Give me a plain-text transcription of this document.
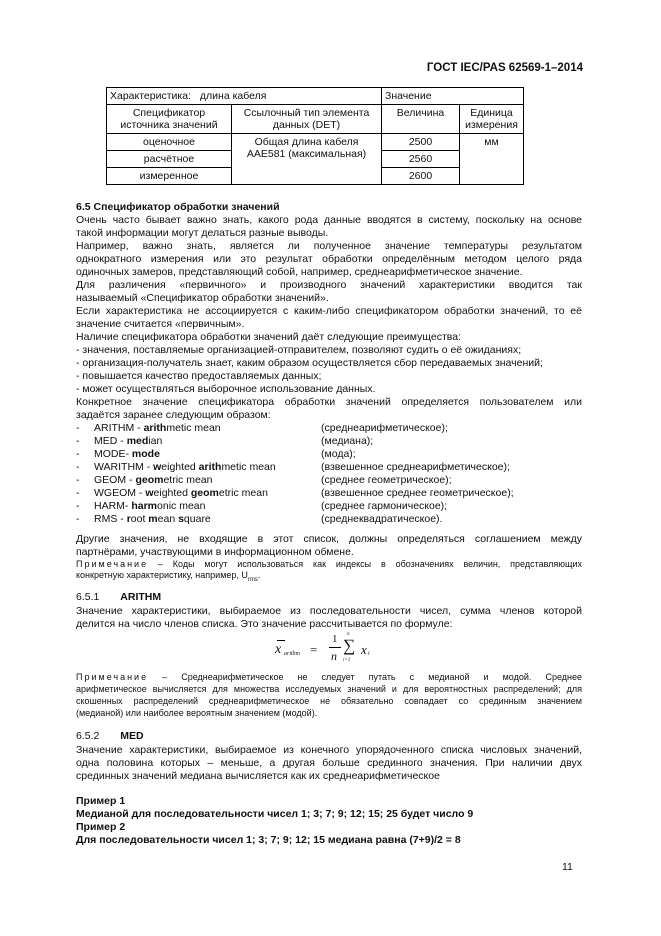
ГОСТ IEC/PAS 62569-1–2014
Характеристика: длина кабеля		Значение	
Спецификатор источника значений	Ссылочный тип элемента данных (DET)	Величина	Единица измерения
оценочное	Общая длина кабеля AAE581 (максимальная)	2500	мм
расчётное		2560	
измеренное		2600	
6.5 Спецификатор обработки значений
Очень часто бывает важно знать, какого рода данные вводятся в систему, поскольку на основе
такой информации могут делаться разные выводы.
Например, важно знать, является ли полученное значение температуры результатом
однократного измерения или это результат обработки определённым методом целого ряда
одиночных замеров, представляющий собой, например, среднеарифметическое значение.
Для различения «первичного» и производного значений характеристики вводится так
называемый «Спецификатор обработки значений».
Если характеристика не ассоциируется с каким-либо спецификатором обработки значений, то её
значение считается «первичным».
Наличие спецификатора обработки значений даёт следующие преимущества:
- значения, поставляемые организацией-отправителем, позволяют судить о её ожиданиях;
- организация-получатель знает, каким образом осуществляется сбор передаваемых значений;
- повышается качество предоставляемых данных;
- может осуществляться выборочное использование данных.
Конкретное значение спецификатора обработки значений определяется пользователем или
задаётся заранее следующим образом:
- ARITHM - arithmetic mean	(среднеарифметическое);
- MED - median	(медиана);
- MODE- mode	(мода);
- WARITHM - weighted arithmetic mean	(взвешенное среднеарифметическое);
- GEOM - geometric mean	(среднее геометрическое);
- WGEOM - weighted geometric mean	(взвешенное среднее геометрическое);
- HARM- harmonic mean	(среднее гармоническое);
- RMS - root mean square	(среднеквадратическое).
Другие значения, не входящие в этот список, должны определяться соглашением между
партнёрами, участвующими в информационном обмене.
Примечание – Коды могут использоваться как индексы в обозначениях величин, представляющих
конкретную характеристику, например, $U_{rms}$.
6.5.1 ARITHM
Значение характеристики, выбираемое из последовательности чисел, сумма членов которой
делится на число членов списка. Это значение рассчитывается по формуле:
x arithm =
1
n
n
∑
i=1
x i
Примечание – Среднеарифметическое не следует путать с медианой и модой. Среднее
арифметическое вычисляется для множества исследуемых значений и для вероятностных распределений; для
скошенных распределений среднеарифметическое не обязательно совпадает со срединным значением
(медианой) или наиболее вероятным значением (модой).
6.5.2 MED
Значение характеристики, выбираемое из конечного упорядоченного списка числовых значений,
одна половина которых – меньше, а другая больше срединного значения. При наличии двух
срединных значений медиана вычисляется как их среднеарифметическое
Пример 1
Медианой для последовательности чисел 1; 3; 7; 9; 12; 15; 25 будет число 9
Пример 2
Для последовательности чисел 1; 3; 7; 9; 12; 15 медиана равна (7+9)/2 = 8
11
